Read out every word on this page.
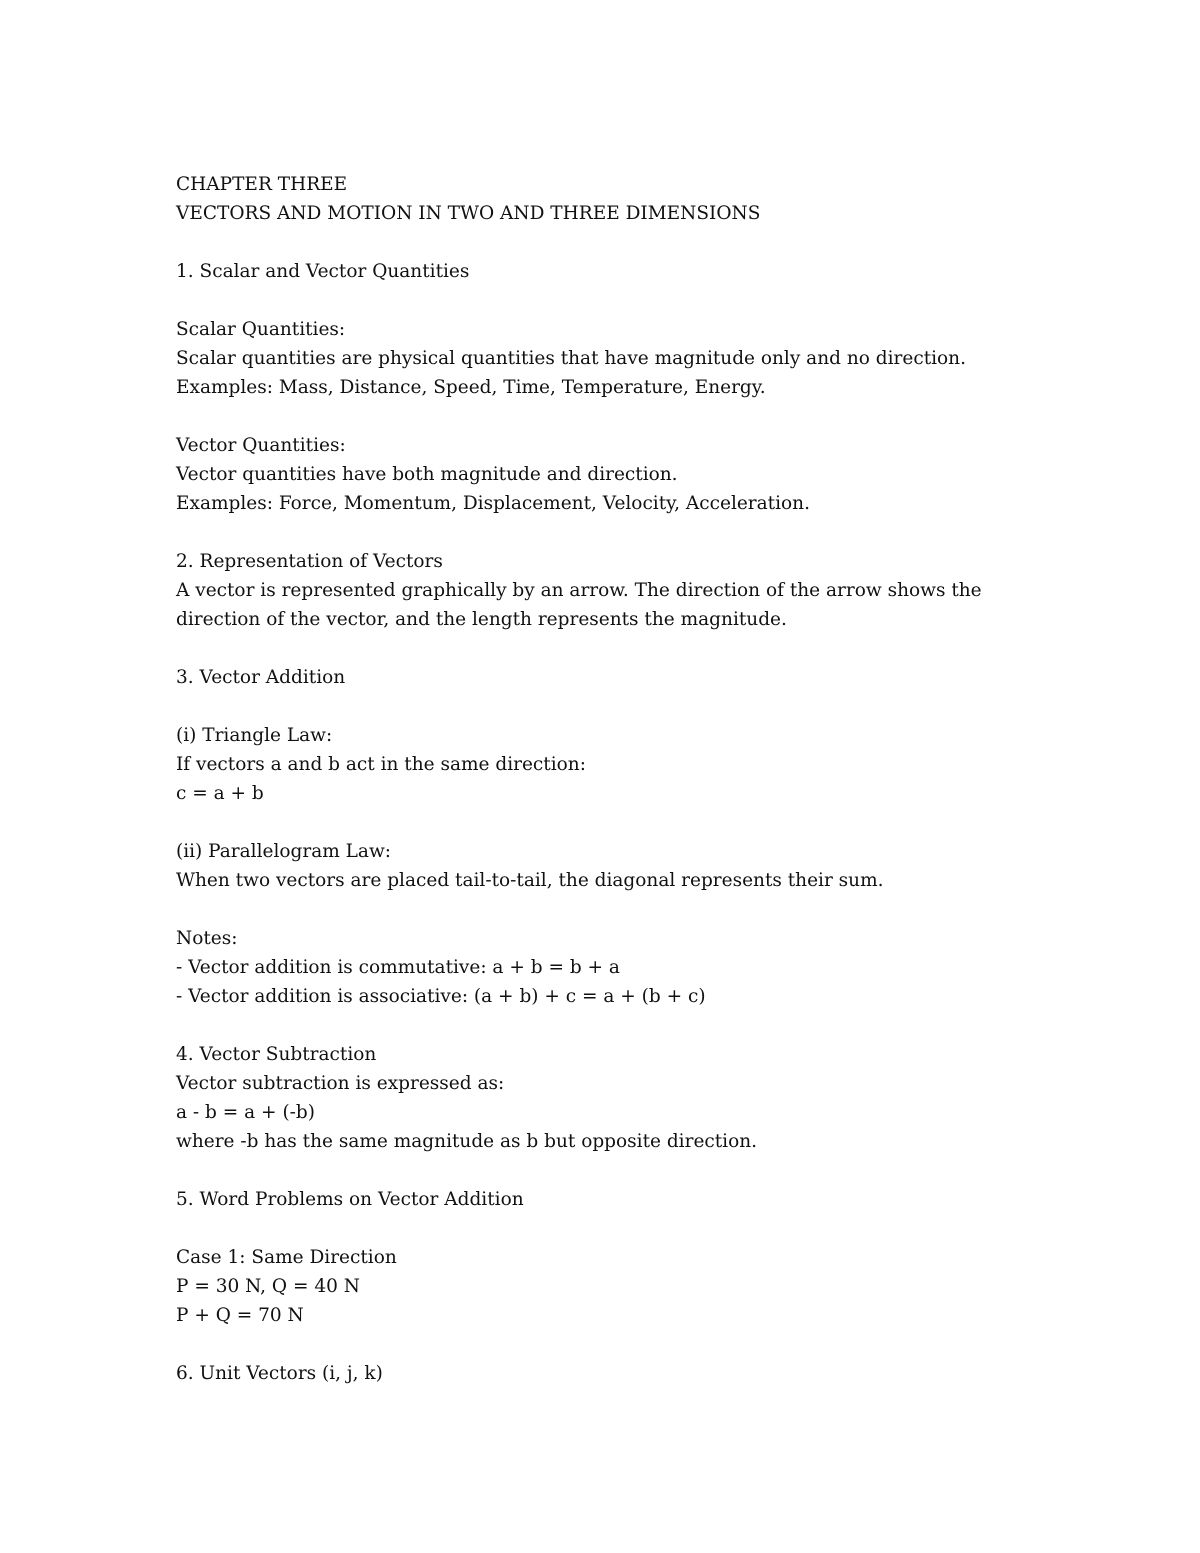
CHAPTER THREE
VECTORS AND MOTION IN TWO AND THREE DIMENSIONS
1. Scalar and Vector Quantities
Scalar Quantities:
Scalar quantities are physical quantities that have magnitude only and no direction.
Examples: Mass, Distance, Speed, Time, Temperature, Energy.
Vector Quantities:
Vector quantities have both magnitude and direction.
Examples: Force, Momentum, Displacement, Velocity, Acceleration.
2. Representation of Vectors
A vector is represented graphically by an arrow. The direction of the arrow shows the
direction of the vector, and the length represents the magnitude.
3. Vector Addition
(i) Triangle Law:
If vectors a and b act in the same direction:
c = a + b
(ii) Parallelogram Law:
When two vectors are placed tail-to-tail, the diagonal represents their sum.
Notes:
- Vector addition is commutative: a + b = b + a
- Vector addition is associative: (a + b) + c = a + (b + c)
4. Vector Subtraction
Vector subtraction is expressed as:
a - b = a + (-b)
where -b has the same magnitude as b but opposite direction.
5. Word Problems on Vector Addition
Case 1: Same Direction
P = 30 N, Q = 40 N
P + Q = 70 N
6. Unit Vectors (i, j, k)
